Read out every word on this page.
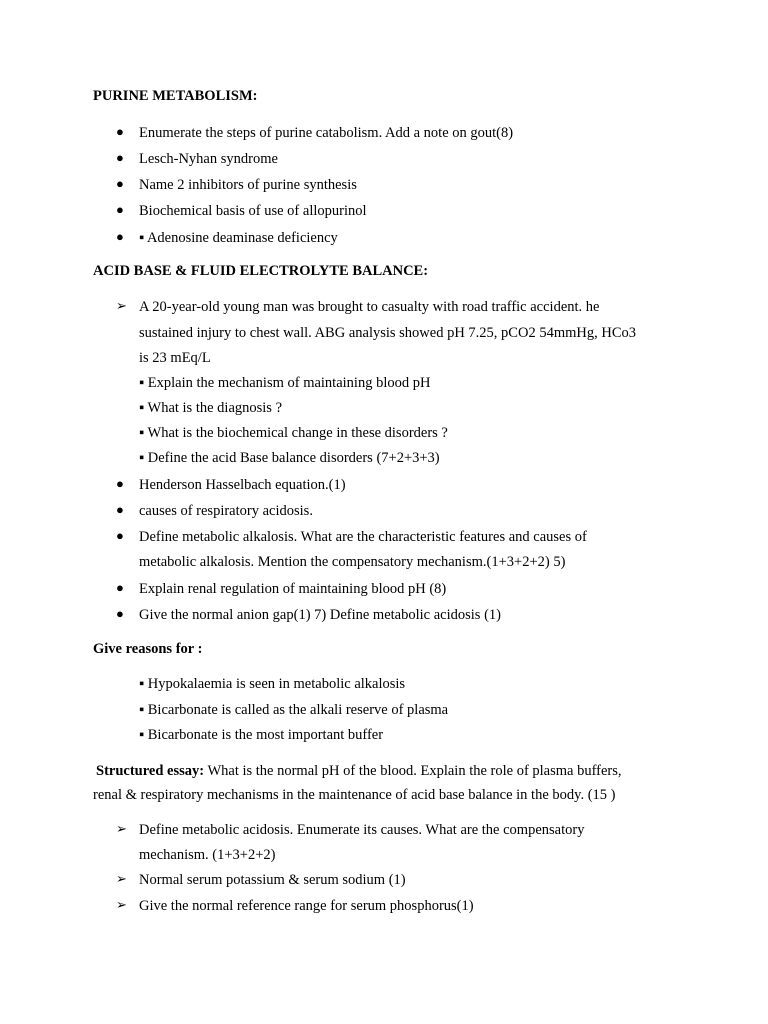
PURINE METABOLISM:
● Enumerate the steps of purine catabolism. Add a note on gout(8)
● Lesch-Nyhan syndrome
● Name 2 inhibitors of purine synthesis
● Biochemical basis of use of allopurinol
● ▪ Adenosine deaminase deficiency
ACID BASE & FLUID ELECTROLYTE BALANCE:
➢ A 20-year-old young man was brought to casualty with road traffic accident. he
sustained injury to chest wall. ABG analysis showed pH 7.25, pCO2 54mmHg, HCo3
is 23 mEq/L
▪ Explain the mechanism of maintaining blood pH
▪ What is the diagnosis ?
▪ What is the biochemical change in these disorders ?
▪ Define the acid Base balance disorders (7+2+3+3)
● Henderson Hasselbach equation.(1)
● causes of respiratory acidosis.
● Define metabolic alkalosis. What are the characteristic features and causes of
metabolic alkalosis. Mention the compensatory mechanism.(1+3+2+2) 5)
● Explain renal regulation of maintaining blood pH (8)
● Give the normal anion gap(1) 7) Define metabolic acidosis (1)
Give reasons for :
▪ Hypokalaemia is seen in metabolic alkalosis
▪ Bicarbonate is called as the alkali reserve of plasma
▪ Bicarbonate is the most important buffer
Structured essay: What is the normal pH of the blood. Explain the role of plasma buffers,
renal & respiratory mechanisms in the maintenance of acid base balance in the body. (15 )
➢ Define metabolic acidosis. Enumerate its causes. What are the compensatory
mechanism. (1+3+2+2)
➢ Normal serum potassium & serum sodium (1)
➢ Give the normal reference range for serum phosphorus(1)
